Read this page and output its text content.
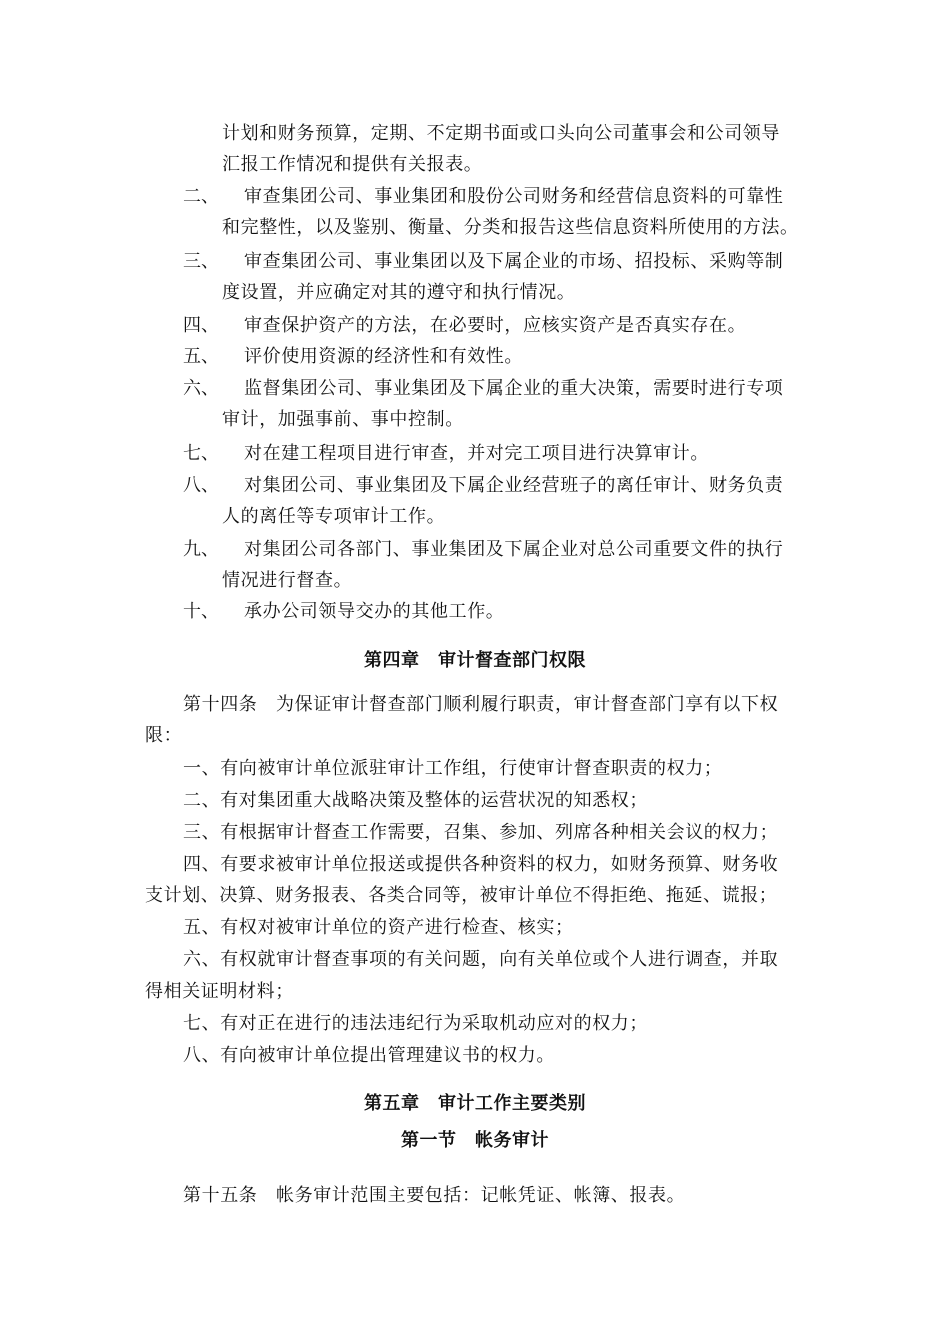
计划和财务预算，定期、不定期书面或口头向公司董事会和公司领导
汇报工作情况和提供有关报表。
二、 审查集团公司、事业集团和股份公司财务和经营信息资料的可靠性
和完整性，以及鉴别、衡量、分类和报告这些信息资料所使用的方法。
三、 审查集团公司、事业集团以及下属企业的市场、招投标、采购等制
度设置，并应确定对其的遵守和执行情况。
四、 审查保护资产的方法，在必要时，应核实资产是否真实存在。
五、 评价使用资源的经济性和有效性。
六、 监督集团公司、事业集团及下属企业的重大决策，需要时进行专项
审计，加强事前、事中控制。
七、 对在建工程项目进行审查，并对完工项目进行决算审计。
八、 对集团公司、事业集团及下属企业经营班子的离任审计、财务负责
人的离任等专项审计工作。
九、 对集团公司各部门、事业集团及下属企业对总公司重要文件的执行
情况进行督查。
十、 承办公司领导交办的其他工作。
第四章　审计督查部门权限
第十四条　为保证审计督查部门顺利履行职责，审计督查部门享有以下权
限：
一、有向被审计单位派驻审计工作组，行使审计督查职责的权力；
二、有对集团重大战略决策及整体的运营状况的知悉权；
三、有根据审计督查工作需要，召集、参加、列席各种相关会议的权力；
四、有要求被审计单位报送或提供各种资料的权力，如财务预算、财务收
支计划、决算、财务报表、各类合同等，被审计单位不得拒绝、拖延、谎报；
五、有权对被审计单位的资产进行检查、核实；
六、有权就审计督查事项的有关问题，向有关单位或个人进行调查，并取
得相关证明材料；
七、有对正在进行的违法违纪行为采取机动应对的权力；
八、有向被审计单位提出管理建议书的权力。
第五章　审计工作主要类别
第一节　帐务审计
第十五条　帐务审计范围主要包括：记帐凭证、帐簿、报表。
